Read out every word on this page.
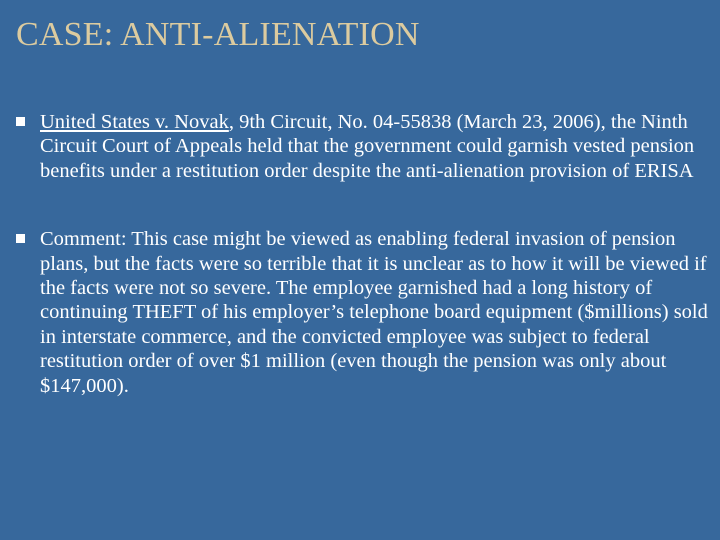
CASE: ANTI-ALIENATION
United States v. Novak, 9th Circuit, No. 04-55838 (March 23, 2006), the Ninth Circuit Court of Appeals held that the government could garnish vested pension benefits under a restitution order despite the anti-alienation provision of ERISA
Comment: This case might be viewed as enabling federal invasion of pension plans, but the facts were so terrible that it is unclear as to how it will be viewed if the facts were not so severe. The employee garnished had a long history of continuing THEFT of his employer’s telephone board equipment ($millions) sold in interstate commerce, and the convicted employee was subject to federal restitution order of over $1 million (even though the pension was only about $147,000).
